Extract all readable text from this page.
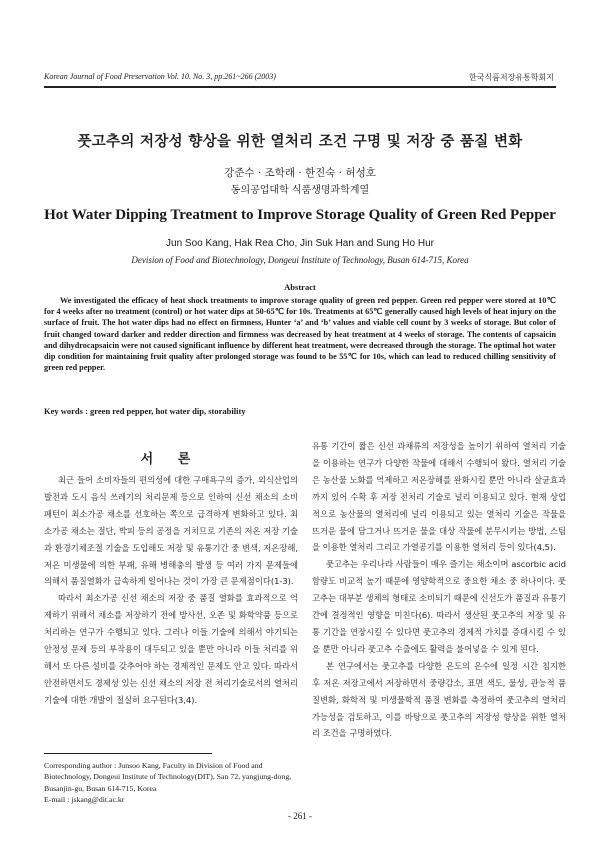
Korean Journal of Food Preservation Vol. 10. No. 3, pp.261~266 (2003)	한국식품저장유통학회지
풋고추의 저장성 향상을 위한 열처리 조건 구명 및 저장 중 품질 변화
강준수 · 조학래 · 한진숙 · 허성호
동의공업대학 식품생명과학계열
Hot Water Dipping Treatment to Improve Storage Quality of Green Red Pepper
Jun Soo Kang, Hak Rea Cho, Jin Suk Han and Sung Ho Hur
Devision of Food and Biotechnology, Dongeui Institute of Technology, Busan 614-715, Korea
Abstract
We investigated the efficacy of heat shock treatments to improve storage quality of green red pepper. Green red pepper were stored at 10℃ for 4 weeks after no treatment (control) or hot water dips at 50-65℃ for 10s. Treatments at 65℃ generally caused high levels of heat injury on the surface of fruit. The hot water dips had no effect on firmness, Hunter ‘a’ and ‘b’ values and viable cell count by 3 weeks of storage. But color of fruit changed toward darker and redder direction and firmness was decreased by heat treatment at 4 weeks of storage. The contents of capsaicin and dihydrocapsaicin were not caused significant influence by different heat treatment, were decreased through the storage. The optimal hot water dip condition for maintaining fruit quality after prolonged storage was found to be 55℃ for 10s, which can lead to reduced chilling sensitivity of green red pepper.
Key words : green red pepper, hot water dip, storability
서 론

최근 들어 소비자들의 편의성에 대한 구매욕구의 증가, 외식산업의 발전과 도시 음식 쓰레기의 처리문제 등으로 인하여 신선 채소의 소비패턴이 최소가공 채소를 선호하는 쪽으로 급격하게 변화하고 있다. 최소가공 채소는 절단, 박피 등의 공정을 거치므로 기존의 저온 저장 기술과 환경기체조절 기술을 도입해도 저장 및 유통기간 중 변색, 저온장해, 저온 미생물에 의한 부패, 유해 병해충의 발생 등 여러 가지 문제들에 의해서 품질열화가 급속하게 일어나는 것이 가장 큰 문제점이다(1-3).

따라서 최소가공 신선 채소의 저장 중 품질 열화를 효과적으로 억제하기 위해서 채소를 저장하기 전에 방사선, 오존 및 화학약품 등으로 처리하는 연구가 수행되고 있다. 그러나 이들 기술에 의해서 야기되는 안정성 문제 등의 부작용이 대두되고 있을 뿐만 아니라 이들 처리를 위해서 또 다른 설비를 갖추어야 하는 경제적인 문제도 안고 있다. 따라서 안전하면서도 경제성 있는 신선 채소의 저장 전 처리기술로서의 열처리 기술에 대한 개발이 절실히 요구된다(3,4).

유통 기간이 짧은 신선 과채류의 저장성을 높이기 위하여 열처리 기술을 이용하는 연구가 다양한 작물에 대해서 수행되어 왔다. 열처리 기술은 농산물 노화를 억제하고 저온장해를 완화시킬 뿐만 아니라 살균효과까지 있어 수확 후 저장 전처리 기술로 널리 이용되고 있다. 현재 상업적으로 농산물의 열처리에 널리 이용되고 있는 열처리 기술은 작물을 뜨거운 물에 담그거나 뜨거운 물을 대상 작물에 분무시키는 방법, 스팀을 이용한 열처리 그리고 가열공기를 이용한 열처리 등이 있다(4,5).

풋고추는 우리나라 사람들이 매우 즐기는 채소이며 ascorbic acid 함량도 비교적 높기 때문에 영양학적으로 중요한 채소 중 하나이다. 풋고추는 대부분 생체의 형태로 소비되기 때문에 신선도가 품질과 유통기간에 결정적인 영향을 미친다(6). 따라서 생산된 풋고추의 저장 및 유통 기간을 연장시킬 수 있다면 풋고추의 경제적 가치를 증대시킬 수 있을 뿐만 아니라 풋고추 수출에도 활력을 불어넣을 수 있게 된다.

본 연구에서는 풋고추를 다양한 온도의 온수에 일정 시간 침지한 후 저온 저장고에서 저장하면서 중량감소, 표면 색도, 물성, 관능적 품질변화, 화학적 및 미생물학적 품질 변화를 측정하여 풋고추의 열처리 가능성을 검토하고, 이를 바탕으로 풋고추의 저장성 향상을 위한 열처리 조건을 구명하였다.

Corresponding author : Junsoo Kang, Faculty in Division of Food and Biotechnology, Dongeui Institute of Technology(DIT), San 72, yangjung-dong, Busanjin-gu, Busan 614-715, Korea
E-mail : jskang@dit.ac.kr
- 261 -
